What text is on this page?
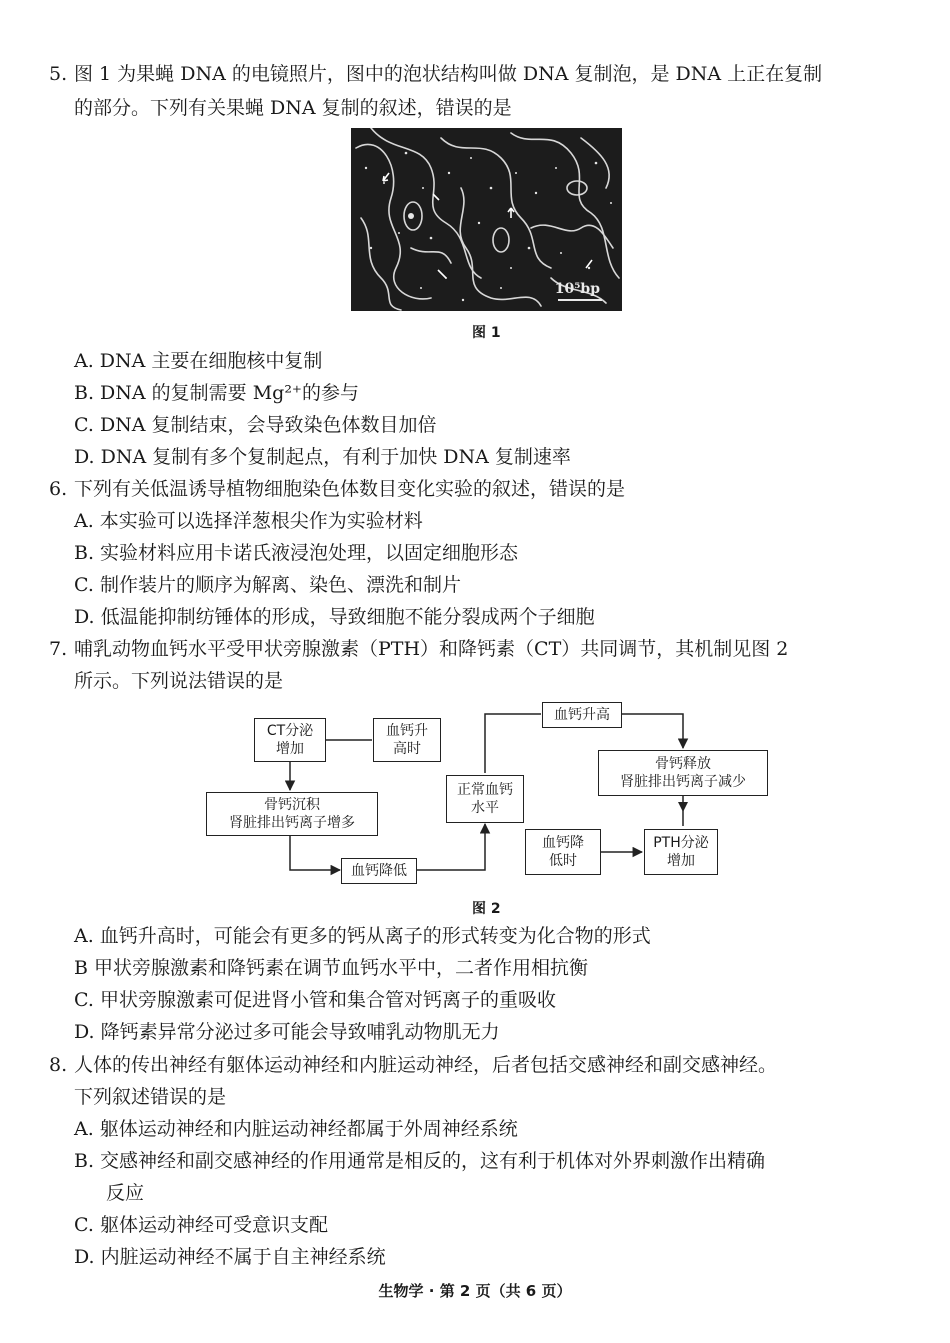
5. 图 1 为果蝇 DNA 的电镜照片，图中的泡状结构叫做 DNA 复制泡，是 DNA 上正在复制
的部分。下列有关果蝇 DNA 复制的叙述，错误的是
10⁵bp
图 1
A. DNA 主要在细胞核中复制
B. DNA 的复制需要 Mg²⁺的参与
C. DNA 复制结束，会导致染色体数目加倍
D. DNA 复制有多个复制起点，有利于加快 DNA 复制速率
6. 下列有关低温诱导植物细胞染色体数目变化实验的叙述，错误的是
A. 本实验可以选择洋葱根尖作为实验材料
B. 实验材料应用卡诺氏液浸泡处理，以固定细胞形态
C. 制作装片的顺序为解离、染色、漂洗和制片
D. 低温能抑制纺锤体的形成，导致细胞不能分裂成两个子细胞
7. 哺乳动物血钙水平受甲状旁腺激素（PTH）和降钙素（CT）共同调节，其机制见图 2
所示。下列说法错误的是
CT分泌
增加
血钙升
高时
骨钙沉积
肾脏排出钙离子增多
血钙降低
正常血钙
水平
血钙升高
骨钙释放
肾脏排出钙离子减少
血钙降
低时
PTH分泌
增加
图 2
A. 血钙升高时，可能会有更多的钙从离子的形式转变为化合物的形式
B 甲状旁腺激素和降钙素在调节血钙水平中，二者作用相抗衡
C. 甲状旁腺激素可促进肾小管和集合管对钙离子的重吸收
D. 降钙素异常分泌过多可能会导致哺乳动物肌无力
8. 人体的传出神经有躯体运动神经和内脏运动神经，后者包括交感神经和副交感神经。
下列叙述错误的是
A. 躯体运动神经和内脏运动神经都属于外周神经系统
B. 交感神经和副交感神经的作用通常是相反的，这有利于机体对外界刺激作出精确
反应
C. 躯体运动神经可受意识支配
D. 内脏运动神经不属于自主神经系统
生物学 · 第 2 页（共 6 页）
